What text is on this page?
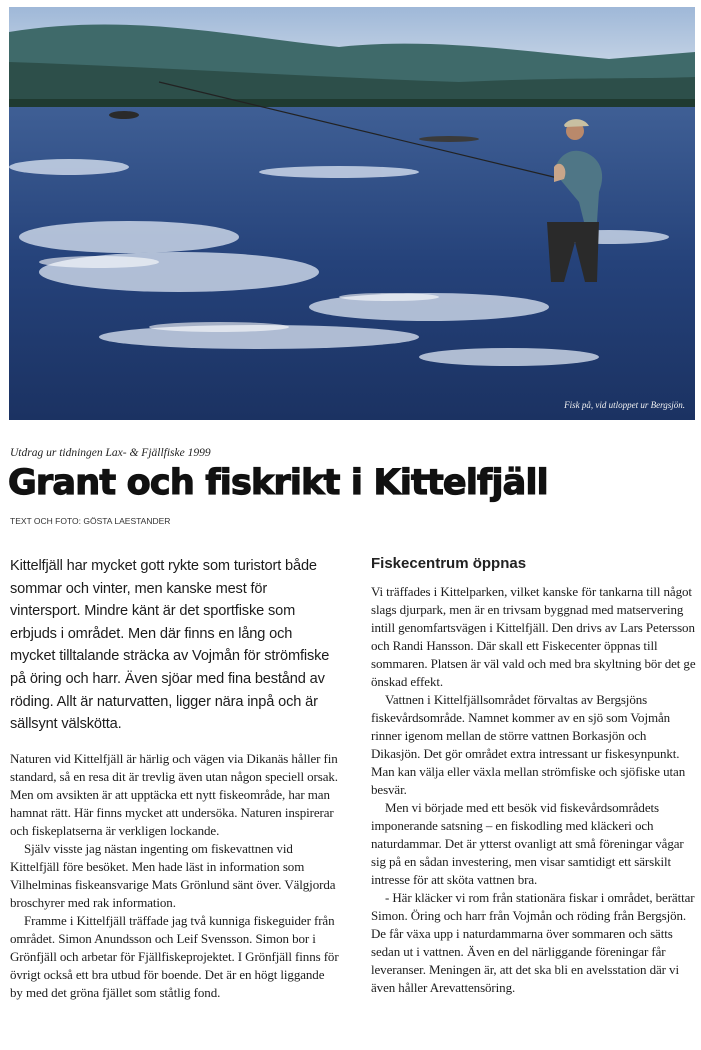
Fisk på, vid utloppet ur Bergsjön.
Utdrag ur tidningen Lax- & Fjällfiske 1999
Grant och fiskrikt i Kittelfjäll
TEXT OCH FOTO: GÖSTA LAESTANDER

Kittelfjäll har mycket gott rykte som turistort både sommar och vinter, men kanske mest för vintersport. Mindre känt är det sportfiske som erbjuds i området. Men där finns en lång och mycket tilltalande sträcka av Vojmån för strömfiske på öring och harr. Även sjöar med fina bestånd av röding. Allt är naturvatten, ligger nära inpå och är sällsynt välskötta.

Naturen vid Kittelfjäll är härlig och vägen via Dikanäs håller fin standard, så en resa dit är trevlig även utan någon speciell orsak. Men om avsikten är att upptäcka ett nytt fiskeområde, har man hamnat rätt. Här finns mycket att undersöka. Naturen inspirerar och fiskeplatserna är verkligen lockande.

Själv visste jag nästan ingenting om fiskevattnen vid Kittelfjäll före besöket. Men hade läst in information som Vilhelminas fiskeansvarige Mats Grönlund sänt över. Välgjorda broschyrer med rak information.

Framme i Kittelfjäll träffade jag två kunniga fiskeguider från området. Simon Anundsson och Leif Svensson. Simon bor i Grönfjäll och arbetar för Fjällfiskeprojektet. I Grönfjäll finns för övrigt också ett bra utbud för boende. Det är en högt liggande by med det gröna fjället som ståtlig fond.

Fiskecentrum öppnas

Vi träffades i Kittelparken, vilket kanske för tankarna till något slags djurpark, men är en trivsam byggnad med matservering intill genomfartsvägen i Kittelfjäll. Den drivs av Lars Petersson och Randi Hansson. Där skall ett Fiskecenter öppnas till sommaren. Platsen är väl vald och med bra skyltning bör det ge önskad effekt.

Vattnen i Kittelfjällsområdet förvaltas av Bergsjöns fiskevårdsområde. Namnet kommer av en sjö som Vojmån rinner igenom mellan de större vattnen Borkasjön och Dikasjön. Det gör området extra intressant ur fiskesynpunkt. Man kan välja eller växla mellan strömfiske och sjöfiske utan besvär.

Men vi började med ett besök vid fiskevårdsområdets imponerande satsning – en fiskodling med kläckeri och naturdammar. Det är ytterst ovanligt att små föreningar vågar sig på en sådan investering, men visar samtidigt ett särskilt intresse för att sköta vattnen bra.

- Här kläcker vi rom från stationära fiskar i området, berättar Simon. Öring och harr från Vojmån och röding från Bergsjön. De får växa upp i naturdammarna över sommaren och sätts sedan ut i vattnen. Även en del närliggande föreningar får leveranser. Meningen är, att det ska bli en avelsstation där vi även håller Arevattensöring.
